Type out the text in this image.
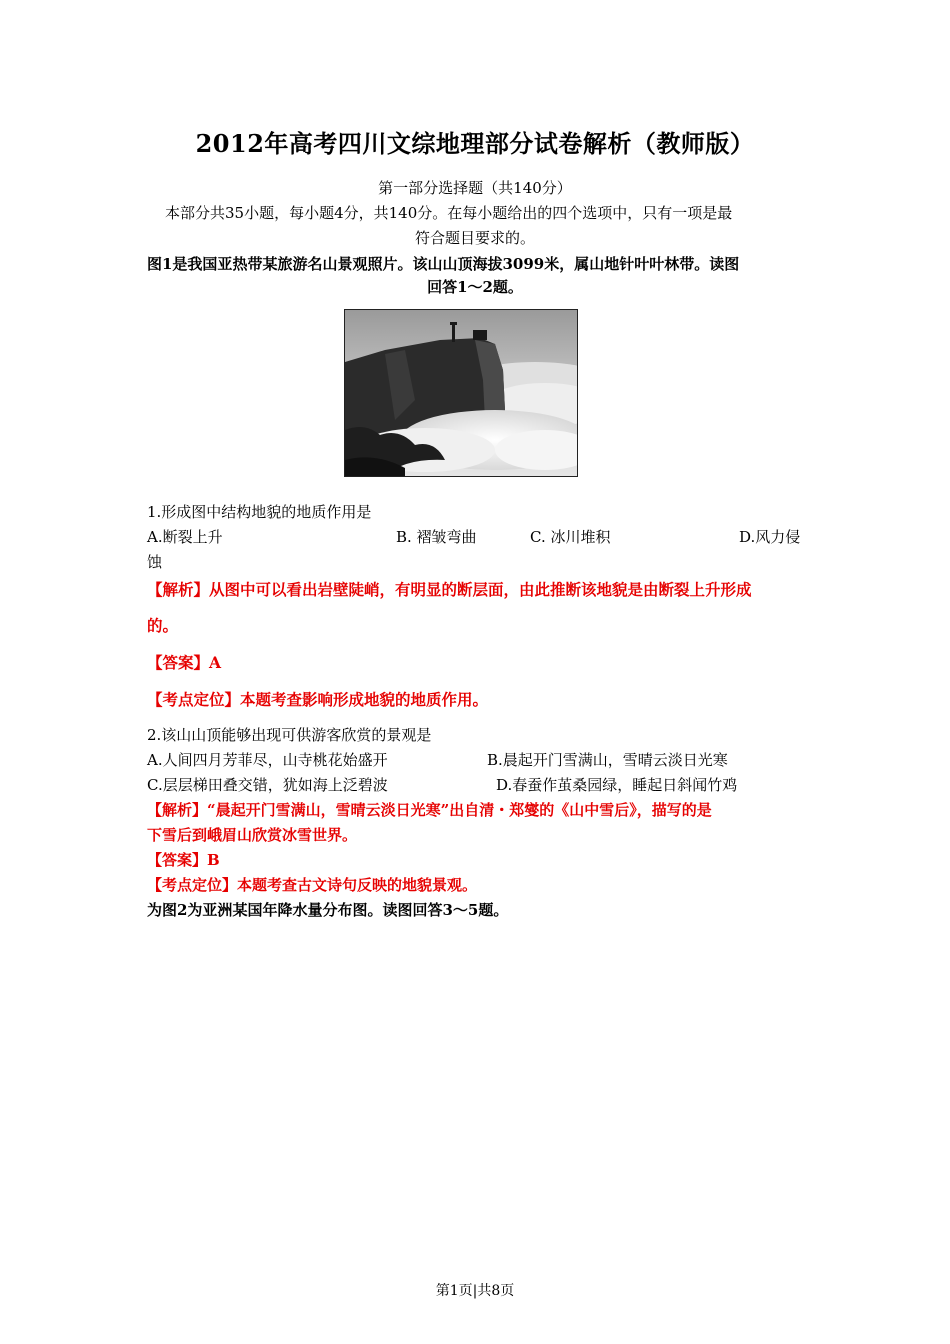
2012年高考四川文综地理部分试卷解析（教师版）
第一部分选择题（共140分）
本部分共35小题，每小题4分，共140分。在每小题给出的四个选项中，只有一项是最
符合题目要求的。
图1是我国亚热带某旅游名山景观照片。该山山顶海拔3099米，属山地针叶叶林带。读图
回答1～2题。
1.形成图中结构地貌的地质作用是
A.断裂上升	B. 褶皱弯曲	C. 冰川堆积	D.风力侵
蚀
【解析】从图中可以看出岩壁陡峭，有明显的断层面，由此推断该地貌是由断裂上升形成
的。
【答案】A
【考点定位】本题考查影响形成地貌的地质作用。
2.该山山顶能够出现可供游客欣赏的景观是
A.人间四月芳菲尽，山寺桃花始盛开	B.晨起开门雪满山，雪晴云淡日光寒
C.层层梯田叠交错，犹如海上泛碧波	D.春蚕作茧桑园绿，睡起日斜闻竹鸡
【解析】“晨起开门雪满山，雪晴云淡日光寒”出自清・郑燮的《山中雪后》，描写的是
下雪后到峨眉山欣赏冰雪世界。
【答案】B
【考点定位】本题考查古文诗句反映的地貌景观。
为图2为亚洲某国年降水量分布图。读图回答3～5题。
第1页|共8页
